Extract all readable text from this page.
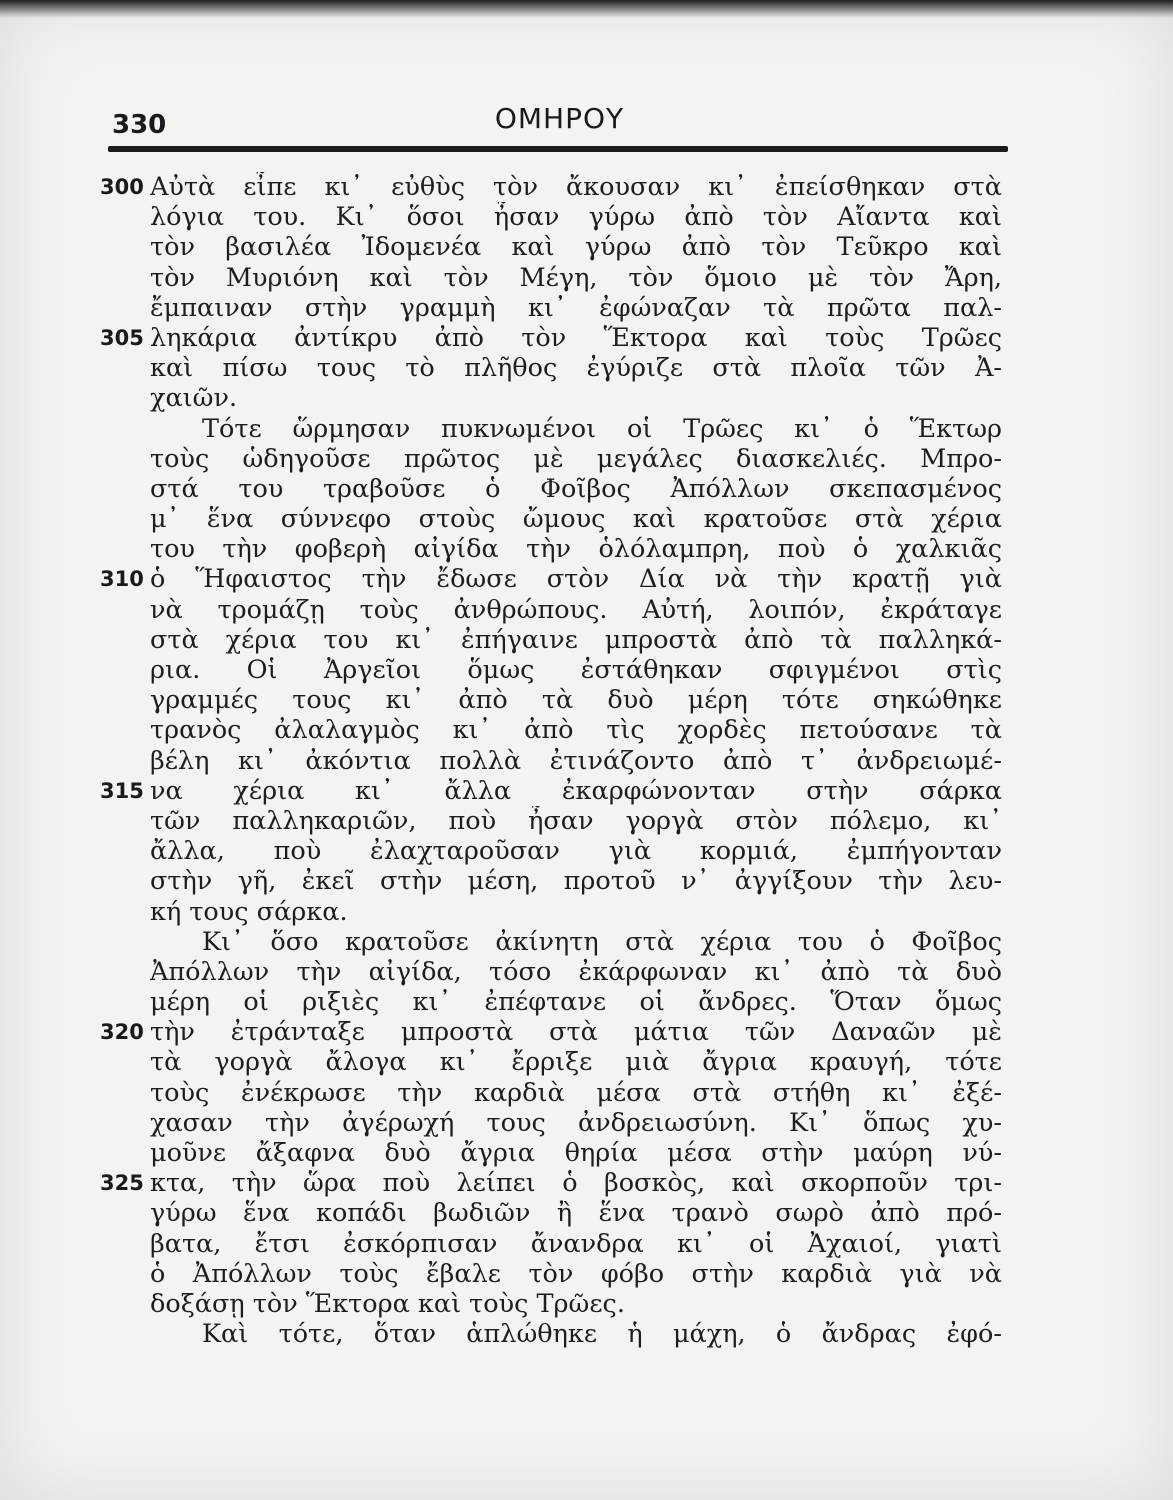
330	ΟΜΗΡΟΥ
300 Αὐτὰ εἶπε κι᾽ εὐθὺς τὸν ἄκουσαν κι᾽ ἐπείσθηκαν στὰ
λόγια του. Κι᾽ ὅσοι ἦσαν γύρω ἀπὸ τὸν Αἴαντα καὶ
τὸν βασιλέα Ἰδομενέα καὶ γύρω ἀπὸ τὸν Τεῦκρο καὶ
τὸν Μυριόνη καὶ τὸν Μέγη, τὸν ὅμοιο μὲ τὸν Ἄρη,
ἔμπαιναν στὴν γραμμὴ κι᾽ ἐφώναζαν τὰ πρῶτα παλ-
305 ληκάρια ἀντίκρυ ἀπὸ τὸν Ἕκτορα καὶ τοὺς Τρῶες
καὶ πίσω τους τὸ πλῆθος ἐγύριζε στὰ πλοῖα τῶν Ἀ-
χαιῶν.
Τότε ὥρμησαν πυκνωμένοι οἱ Τρῶες κι᾽ ὁ Ἕκτωρ
τοὺς ὡδηγοῦσε πρῶτος μὲ μεγάλες διασκελιές. Μπρο-
στά του τραβοῦσε ὁ Φοῖβος Ἀπόλλων σκεπασμένος
μ᾽ ἕνα σύννεφο στοὺς ὤμους καὶ κρατοῦσε στὰ χέρια
του τὴν φοβερὴ αἰγίδα τὴν ὁλόλαμπρη, ποὺ ὁ χαλκιᾶς
310 ὁ Ἥφαιστος τὴν ἔδωσε στὸν Δία νὰ τὴν κρατῇ γιὰ
νὰ τρομάζῃ τοὺς ἀνθρώπους. Αὐτή, λοιπόν, ἐκράταγε
στὰ χέρια του κι᾽ ἐπήγαινε μπροστὰ ἀπὸ τὰ παλληκά-
ρια. Οἱ Ἀργεῖοι ὅμως ἐστάθηκαν σφιγμένοι στὶς
γραμμές τους κι᾽ ἀπὸ τὰ δυὸ μέρη τότε σηκώθηκε
τρανὸς ἀλαλαγμὸς κι᾽ ἀπὸ τὶς χορδὲς πετούσανε τὰ
βέλη κι᾽ ἀκόντια πολλὰ ἐτινάζοντο ἀπὸ τ᾽ ἀνδρειωμέ-
315 να χέρια κι᾽ ἄλλα ἐκαρφώνονταν στὴν σάρκα
τῶν παλληκαριῶν, ποὺ ἦσαν γοργὰ στὸν πόλεμο, κι᾽
ἄλλα, ποὺ ἐλαχταροῦσαν γιὰ κορμιά, ἐμπήγονταν
στὴν γῆ, ἐκεῖ στὴν μέση, προτοῦ ν᾽ ἀγγίξουν τὴν λευ-
κή τους σάρκα.
Κι᾽ ὅσο κρατοῦσε ἀκίνητη στὰ χέρια του ὁ Φοῖβος
Ἀπόλλων τὴν αἰγίδα, τόσο ἐκάρφωναν κι᾽ ἀπὸ τὰ δυὸ
μέρη οἱ ριξιὲς κι᾽ ἐπέφτανε οἱ ἄνδρες. Ὅταν ὅμως
320 τὴν ἐτράνταξε μπροστὰ στὰ μάτια τῶν Δαναῶν μὲ
τὰ γοργὰ ἄλογα κι᾽ ἔρριξε μιὰ ἄγρια κραυγή, τότε
τοὺς ἐνέκρωσε τὴν καρδιὰ μέσα στὰ στήθη κι᾽ ἐξέ-
χασαν τὴν ἀγέρωχή τους ἀνδρειωσύνη. Κι᾽ ὅπως χυ-
μοῦνε ἄξαφνα δυὸ ἄγρια θηρία μέσα στὴν μαύρη νύ-
325 κτα, τὴν ὥρα ποὺ λείπει ὁ βοσκὸς, καὶ σκορποῦν τρι-
γύρω ἕνα κοπάδι βωδιῶν ἢ ἕνα τρανὸ σωρὸ ἀπὸ πρό-
βατα, ἔτσι ἐσκόρπισαν ἄνανδρα κι᾽ οἱ Ἀχαιοί, γιατὶ
ὁ Ἀπόλλων τοὺς ἔβαλε τὸν φόβο στὴν καρδιὰ γιὰ νὰ
δοξάσῃ τὸν Ἕκτορα καὶ τοὺς Τρῶες.
Καὶ τότε, ὅταν ἁπλώθηκε ἡ μάχη, ὁ ἄνδρας ἐφό-
